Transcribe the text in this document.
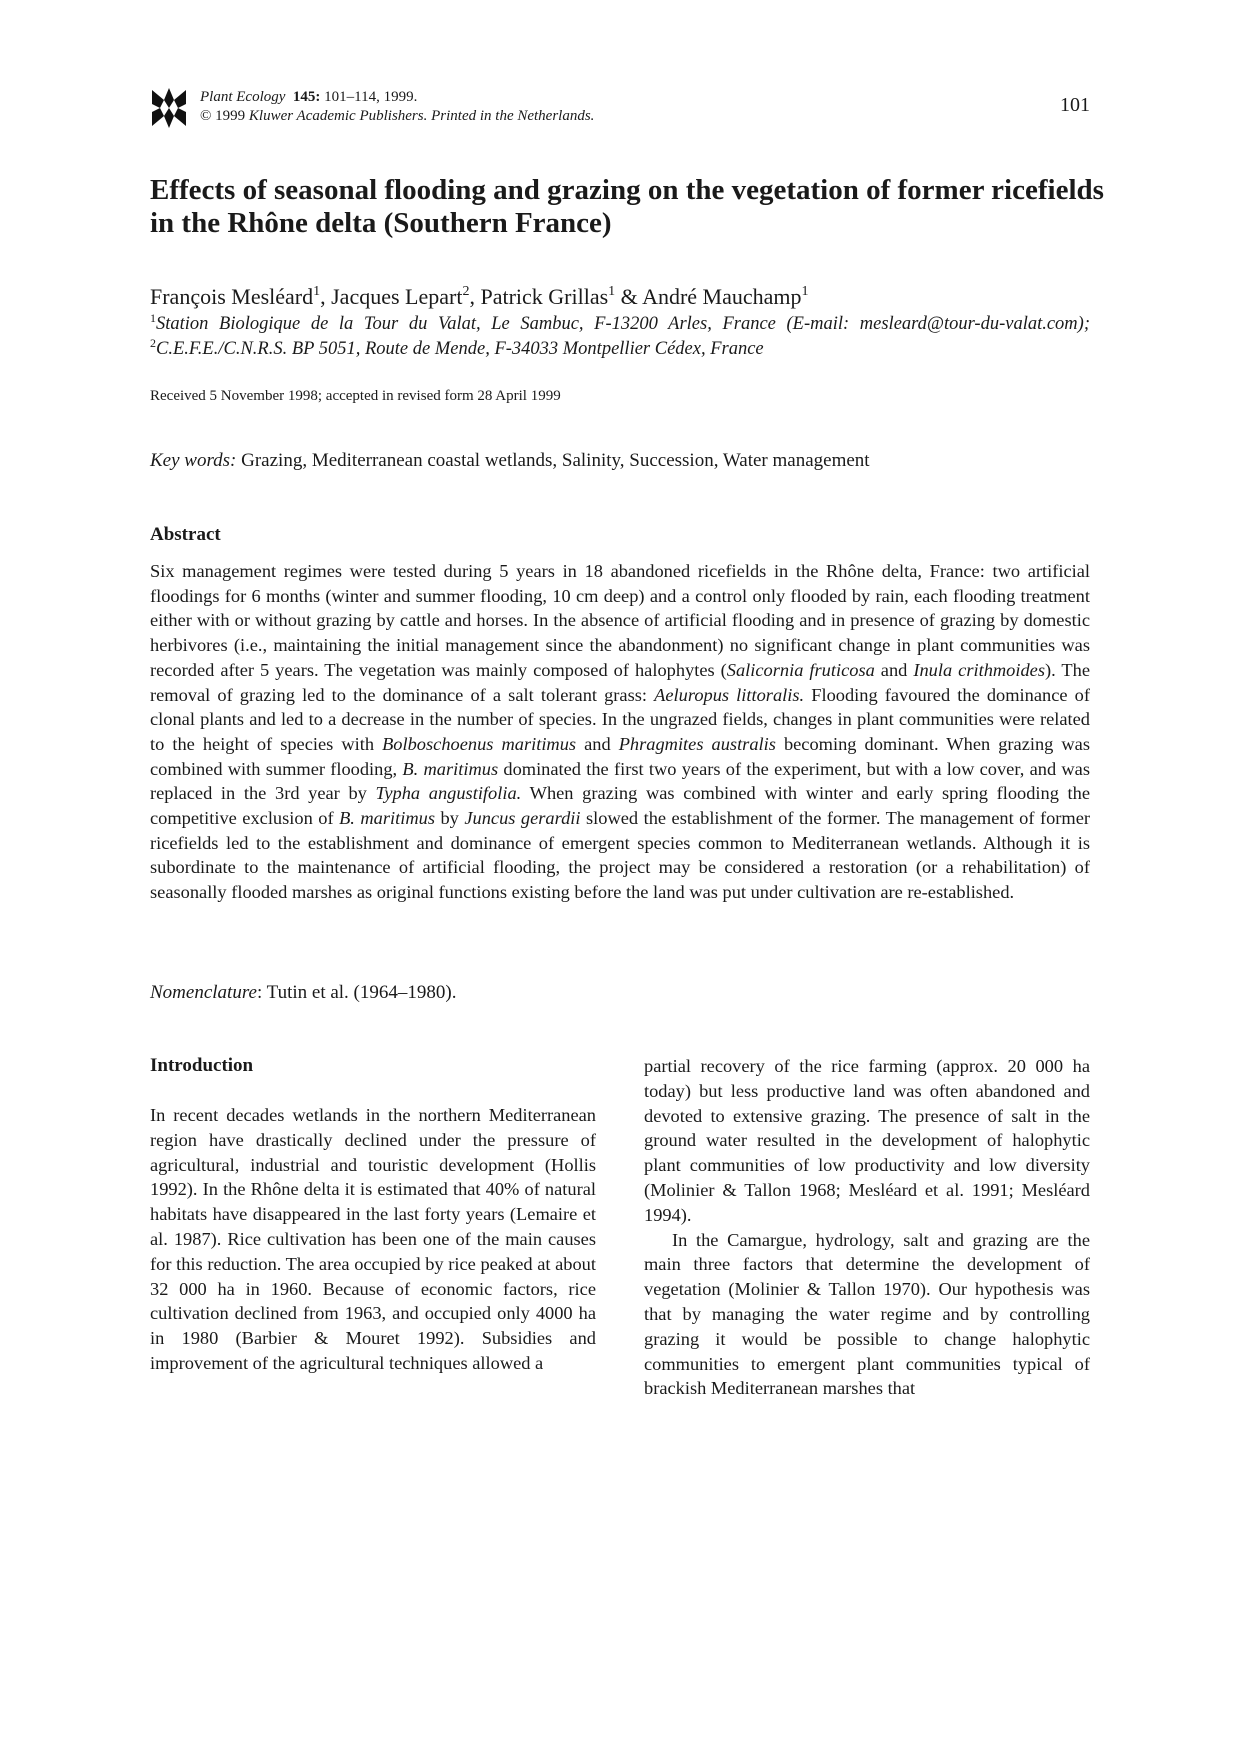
Plant Ecology 145: 101–114, 1999.
© 1999 Kluwer Academic Publishers. Printed in the Netherlands.	101
Effects of seasonal flooding and grazing on the vegetation of former ricefields in the Rhône delta (Southern France)
François Mesléard$^1$, Jacques Lepart$^2$, Patrick Grillas$^1$ & André Mauchamp$^1$
$^1$Station Biologique de la Tour du Valat, Le Sambuc, F-13200 Arles, France (E-mail: mesleard@tour-du-valat.com); $^2$C.E.F.E./C.N.R.S. BP 5051, Route de Mende, F-34033 Montpellier Cédex, France
Received 5 November 1998; accepted in revised form 28 April 1999
Key words: Grazing, Mediterranean coastal wetlands, Salinity, Succession, Water management
Abstract

Six management regimes were tested during 5 years in 18 abandoned ricefields in the Rhône delta, France: two artificial floodings for 6 months (winter and summer flooding, 10 cm deep) and a control only flooded by rain, each flooding treatment either with or without grazing by cattle and horses. In the absence of artificial flooding and in presence of grazing by domestic herbivores (i.e., maintaining the initial management since the abandonment) no significant change in plant communities was recorded after 5 years. The vegetation was mainly composed of halophytes (Salicornia fruticosa and Inula crithmoides). The removal of grazing led to the dominance of a salt tolerant grass: Aeluropus littoralis. Flooding favoured the dominance of clonal plants and led to a decrease in the number of species. In the ungrazed fields, changes in plant communities were related to the height of species with Bolboschoenus maritimus and Phragmites australis becoming dominant. When grazing was combined with summer flooding, B. maritimus dominated the first two years of the experiment, but with a low cover, and was replaced in the 3rd year by Typha angustifolia. When grazing was combined with winter and early spring flooding the competitive exclusion of B. maritimus by Juncus gerardii slowed the establishment of the former. The management of former ricefields led to the establishment and dominance of emergent species common to Mediterranean wetlands. Although it is subordinate to the maintenance of artificial flooding, the project may be considered a restoration (or a rehabilitation) of seasonally flooded marshes as original functions existing before the land was put under cultivation are re-established.

Nomenclature: Tutin et al. (1964–1980).
Introduction

In recent decades wetlands in the northern Mediterranean region have drastically declined under the pressure of agricultural, industrial and touristic development (Hollis 1992). In the Rhône delta it is estimated that 40% of natural habitats have disappeared in the last forty years (Lemaire et al. 1987). Rice cultivation has been one of the main causes for this reduction. The area occupied by rice peaked at about 32 000 ha in 1960. Because of economic factors, rice cultivation declined from 1963, and occupied only 4000 ha in 1980 (Barbier & Mouret 1992). Subsidies and improvement of the agricultural techniques allowed a

partial recovery of the rice farming (approx. 20 000 ha today) but less productive land was often abandoned and devoted to extensive grazing. The presence of salt in the ground water resulted in the development of halophytic plant communities of low productivity and low diversity (Molinier & Tallon 1968; Mesléard et al. 1991; Mesléard 1994).
In the Camargue, hydrology, salt and grazing are the main three factors that determine the development of vegetation (Molinier & Tallon 1970). Our hypothesis was that by managing the water regime and by controlling grazing it would be possible to change halophytic communities to emergent plant communities typical of brackish Mediterranean marshes that
